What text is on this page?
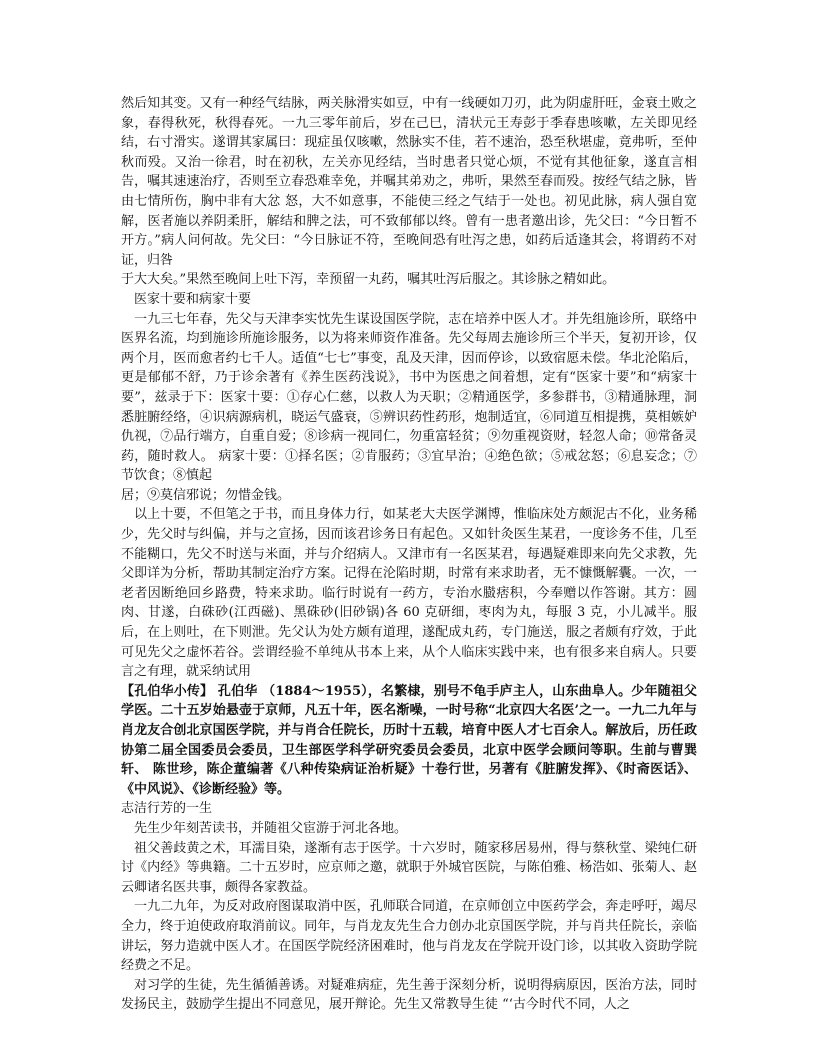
然后知其变。又有一种经气结脉，两关脉滑实如豆，中有一线硬如刀刃，此为阴虚肝旺，金衰土败之象，春得秋死，秋得春死。一九三零年前后，岁在己巳，清状元王寿彭于季春患咳嗽，左关即见经结，右寸滑实。遂谓其家属曰：现症虽仅咳嗽，然脉实不佳，若不速治，恐至秋堪虚，竟弗听，至仲秋而殁。又治一徐君，时在初秋，左关亦见经结，当时患者只觉心烦，不觉有其他征象，遂直言相告，嘱其速速治疗，否则至立春恐难幸免，并嘱其弟劝之，弗听，果然至春而殁。按经气结之脉，皆由七情所伤，胸中非有大忿 怒，大不如意事，不能使三经之气结于一处也。初见此脉，病人强自宽解，医者施以养阴柔肝，解结和脾之法，可不致郁郁以终。曾有一患者邀出诊，先父曰：“今日暂不开方。”病人问何故。先父曰：“今日脉证不符，至晚间恐有吐泻之患，如药后适逢其会，将谓药不对证，归咎

于大大矣。”果然至晚间上吐下泻，幸预留一丸药，嘱其吐泻后服之。其诊脉之精如此。

医家十要和病家十要

一九三七年春，先父与天津李实忱先生谋设国医学院，志在培养中医人才。并先组施诊所，联络中医界名流，均到施诊所施诊服务，以为将来师资作准备。先父每周去施诊所三个半天，复初开诊，仅两个月，医而愈者约七千人。适值“七七”事变，乱及天津，因而停诊，以致宿愿未偿。华北沦陷后，更是郁郁不舒，乃于诊余著有《养生医药浅说》，书中为医患之间着想，定有“医家十要”和“病家十要”，兹录于下：医家十要：①存心仁慈，以救人为天职；②精通医学，多参群书，③精通脉理，洞悉脏腑经络，④识病源病机，晓运气盛衰，⑤辨识药性药形，炮制适宜，⑥同道互相提携，莫相嫉妒仇视，⑦品行端方，自重自爱；⑧诊病一视同仁，勿重富轻贫；⑨勿重视资财，轻忽人命；⑩常备灵药，随时救人。 病家十要：①择名医；②肯服药；③宜早治；④绝色欲；⑤戒忿怒；⑥息妄念；⑦节饮食；⑧慎起

居；⑨莫信邪说；勿惜金钱。

以上十要，不但笔之于书，而且身体力行，如某老大夫医学渊博，惟临床处方颇泥古不化，业务稀少，先父时与纠偏，并与之宣扬，因而该君诊务日有起色。又如针灸医生某君，一度诊务不佳，几至不能糊口，先父不时送与米面，并与介绍病人。又津市有一名医某君，每遇疑难即来向先父求教，先父即详为分析，帮助其制定治疗方案。记得在沦陷时期，时常有来求助者，无不慷慨解囊。一次，一老者因断绝回乡路费，特来求助。临行时说有一药方，专治水臌痞积，今奉赠以作答谢。其方：圆肉、甘遂，白硃砂(江西磁)、黑硃砂(旧砂锅)各 60 克研细，枣肉为丸，每服 3 克，小儿减半。服后，在上则吐，在下则泄。先父认为处方颇有道理，遂配成丸药，专门施送，服之者颇有疗效，于此可见先父之虚怀若谷。尝谓经验不单纯从书本上来，从个人临床实践中来，也有很多来自病人。只要言之有理，就采纳试用

【孔伯华小传】 孔伯华 （1884～1955），名繁棣，别号不龟手庐主人，山东曲阜人。少年随祖父学医。二十五岁始悬壶于京师，凡五十年，医名渐噪，一时号称“北京四大名医’之一。一九二九年与 肖龙友合创北京国医学院，并与肖合任院长，历时十五载，培育中医人才七百余人。解放后，历任政协第二届全国委员会委员，卫生部医学科学研究委员会委员，北京中医学会顾问等职。生前与曹巽轩、 陈世珍，陈企董编著《八种传染病证治析疑》十卷行世，另著有《脏腑发挥》、《时斋医话》、《中风说》、《诊断经验》等。

志洁行芳的一生

先生少年刻苦读书，并随祖父宦游于河北各地。

祖父善歧黄之术，耳濡目染，遂渐有志于医学。十六岁时，随家移居易州，得与蔡秋堂、梁纯仁研讨《内经》等典籍。二十五岁时，应京师之邀，就职于外城官医院，与陈伯雅、杨浩如、张菊人、赵云卿诸名医共事，颇得各家教益。

一九二九年，为反对政府图谋取消中医，孔师联合同道，在京师创立中医药学会，奔走呼吁，竭尽全力，终于迫使政府取消前议。同年，与肖龙友先生合力创办北京国医学院，并与肖共任院长，亲临讲坛，努力造就中医人才。在国医学院经济困难时，他与肖龙友在学院开设门诊，以其收入资助学院经费之不足。

对习学的生徒，先生循循善诱。对疑难病症，先生善于深刻分析，说明得病原因，医治方法，同时发扬民主，鼓励学生提出不同意见，展开辩论。先生又常教导生徒 “‘古今时代不同，人之
